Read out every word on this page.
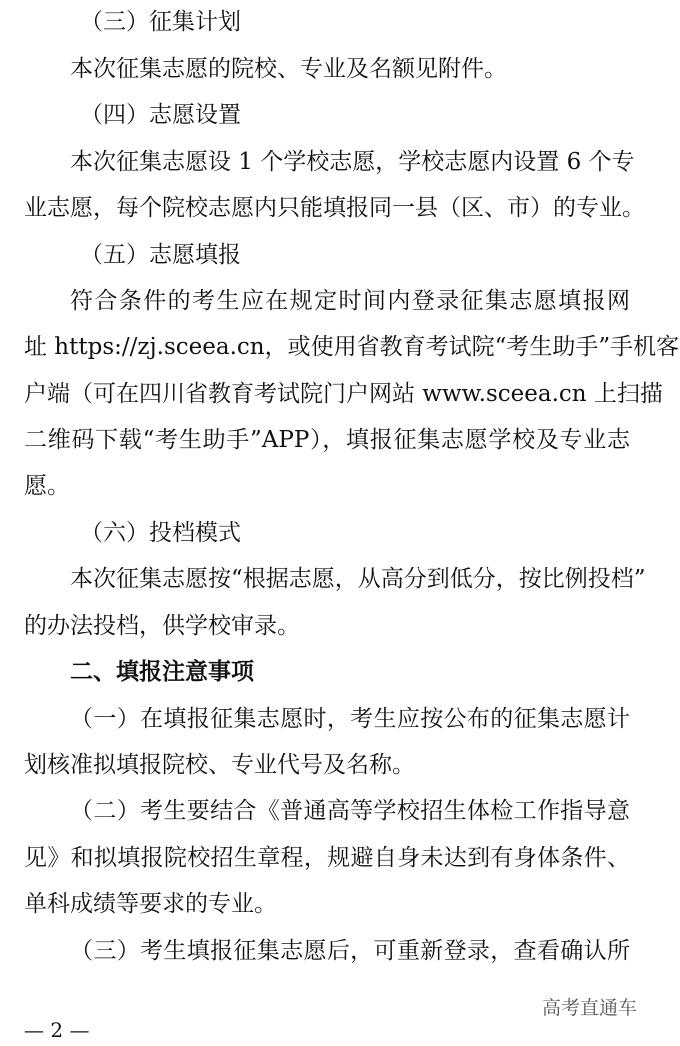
（三）征集计划
本次征集志愿的院校、专业及名额见附件。
（四）志愿设置
本次征集志愿设 1 个学校志愿，学校志愿内设置 6 个专
业志愿，每个院校志愿内只能填报同一县（区、市）的专业。
（五）志愿填报
符合条件的考生应在规定时间内登录征集志愿填报网
址 https://zj.sceea.cn，或使用省教育考试院“考生助手”手机客
户端（可在四川省教育考试院门户网站 www.sceea.cn 上扫描
二维码下载“考生助手”APP），填报征集志愿学校及专业志
愿。
（六）投档模式
本次征集志愿按“根据志愿，从高分到低分，按比例投档”
的办法投档，供学校审录。
二、填报注意事项
（一）在填报征集志愿时，考生应按公布的征集志愿计
划核准拟填报院校、专业代号及名称。
（二）考生要结合《普通高等学校招生体检工作指导意
见》和拟填报院校招生章程，规避自身未达到有身体条件、
单科成绩等要求的专业。
（三）考生填报征集志愿后，可重新登录，查看确认所
高考直通车
— 2 —
